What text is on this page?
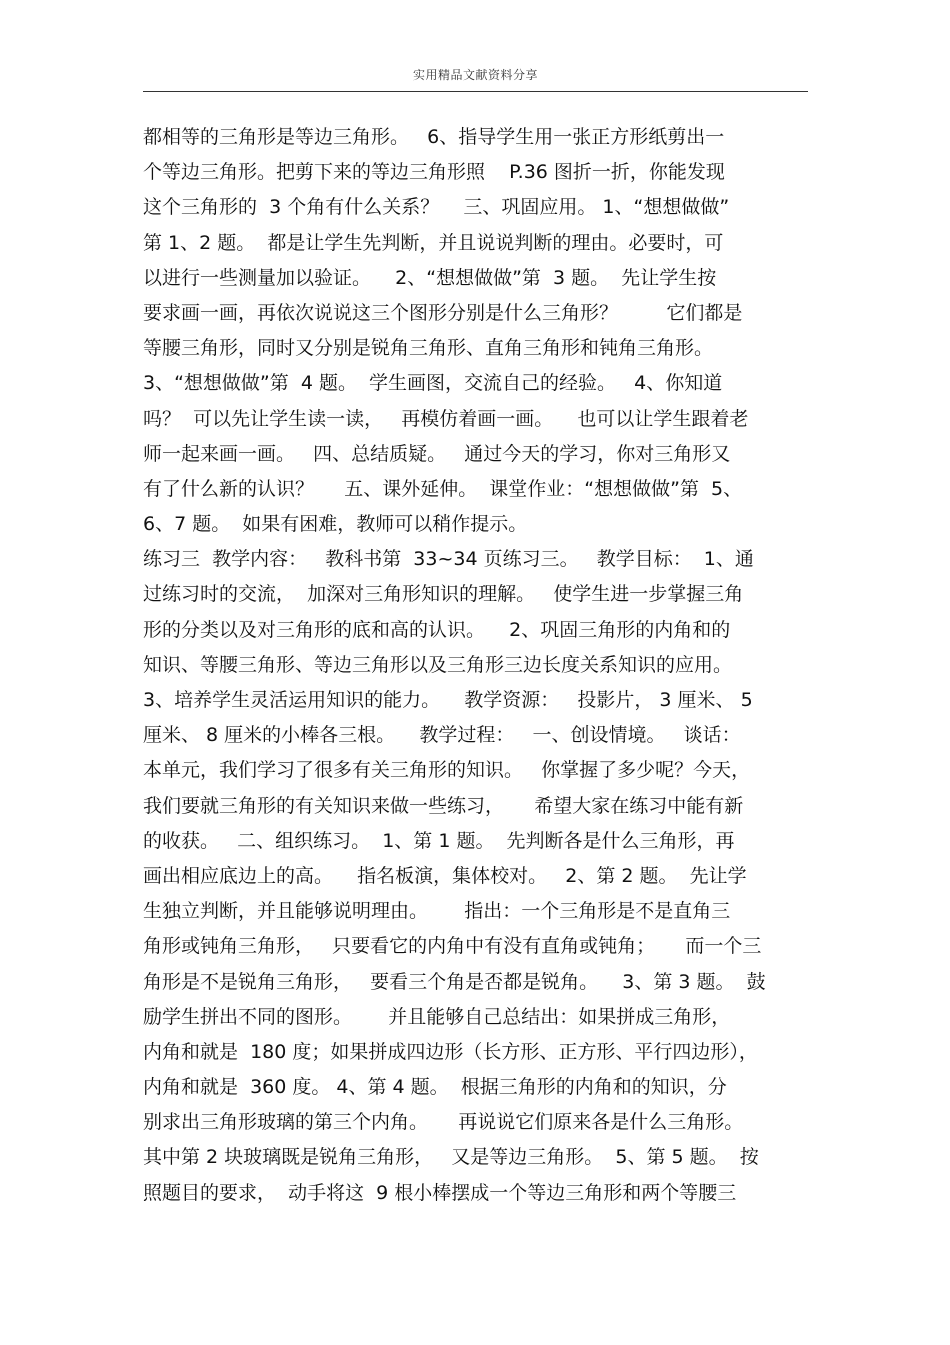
实用精品文献资料分享
都相等的三角形是等边三角形。   6、指导学生用一张正方形纸剪出一
个等边三角形。把剪下来的等边三角形照    P.36 图折一折，你能发现
这个三角形的  3 个角有什么关系？    三、巩固应用。 1、“想想做做”
第 1、2 题。  都是让学生先判断，并且说说判断的理由。必要时，可
以进行一些测量加以验证。    2、“想想做做”第  3 题。  先让学生按
要求画一画，再依次说说这三个图形分别是什么三角形？        它们都是
等腰三角形，同时又分别是锐角三角形、直角三角形和钝角三角形。
3、“想想做做”第  4 题。  学生画图，交流自己的经验。   4、你知道
吗？  可以先让学生读一读，   再模仿着画一画。    也可以让学生跟着老
师一起来画一画。   四、总结质疑。   通过今天的学习，你对三角形又
有了什么新的认识？     五、课外延伸。  课堂作业：“想想做做”第  5、
6、7 题。  如果有困难，教师可以稍作提示。
练习三  教学内容：   教科书第  33~34 页练习三。   教学目标：  1、通
过练习时的交流，  加深对三角形知识的理解。   使学生进一步掌握三角
形的分类以及对三角形的底和高的认识。    2、巩固三角形的内角和的
知识、等腰三角形、等边三角形以及三角形三边长度关系知识的应用。
3、培养学生灵活运用知识的能力。    教学资源：   投影片， 3 厘米、 5
厘米、 8 厘米的小棒各三根。    教学过程：   一、创设情境。   谈话：
本单元，我们学习了很多有关三角形的知识。   你掌握了多少呢？今天，
我们要就三角形的有关知识来做一些练习，     希望大家在练习中能有新
的收获。   二、组织练习。  1、第 1 题。  先判断各是什么三角形，再
画出相应底边上的高。    指名板演，集体校对。   2、第 2 题。  先让学
生独立判断，并且能够说明理由。      指出：一个三角形是不是直角三
角形或钝角三角形，   只要看它的内角中有没有直角或钝角；     而一个三
角形是不是锐角三角形，   要看三个角是否都是锐角。    3、第 3 题。  鼓
励学生拼出不同的图形。      并且能够自己总结出：如果拼成三角形，
内角和就是  180 度；如果拼成四边形（长方形、正方形、平行四边形），
内角和就是  360 度。 4、第 4 题。  根据三角形的内角和的知识，分
别求出三角形玻璃的第三个内角。     再说说它们原来各是什么三角形。
其中第 2 块玻璃既是锐角三角形，   又是等边三角形。  5、第 5 题。  按
照题目的要求，  动手将这  9 根小棒摆成一个等边三角形和两个等腰三
